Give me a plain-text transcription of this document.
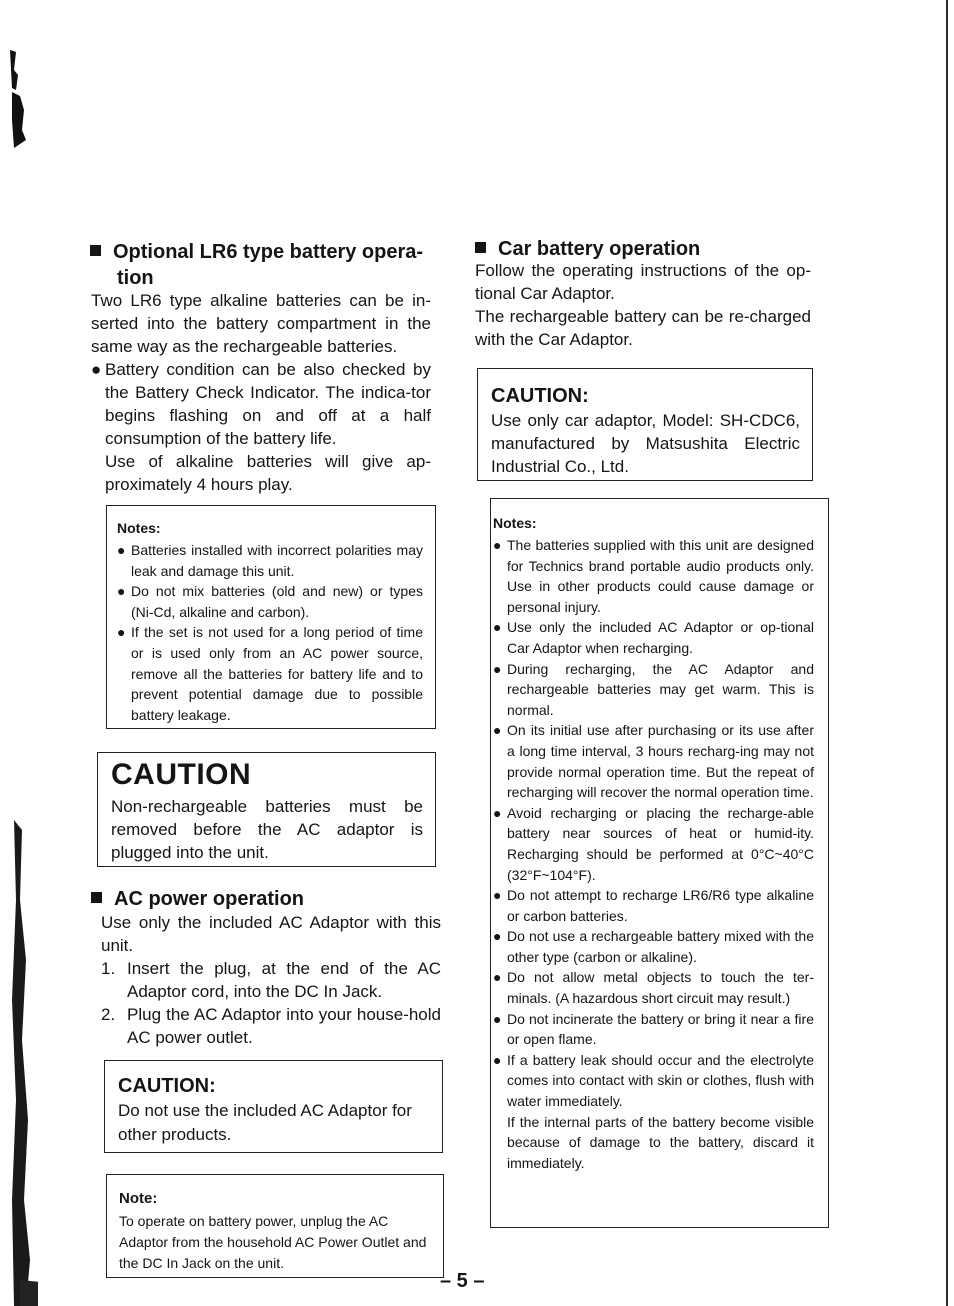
Optional LR6 type battery opera-
tion

Two LR6 type alkaline batteries can be in-serted into the battery compartment in the same way as the rechargeable batteries.

● Battery condition can be also checked by the Battery Check Indicator. The indica-tor begins flashing on and off at a half consumption of the battery life.

Use of alkaline batteries will give ap-proximately 4 hours play.

Notes:

● Batteries installed with incorrect polarities may leak and damage this unit.

● Do not mix batteries (old and new) or types (Ni-Cd, alkaline and carbon).

● If the set is not used for a long period of time or is used only from an AC power source, remove all the batteries for battery life and to prevent potential damage due to possible battery leakage.

CAUTION

Non-rechargeable batteries must be removed before the AC adaptor is plugged into the unit.

AC power operation

Use only the included AC Adaptor with this unit.

1. Insert the plug, at the end of the AC Adaptor cord, into the DC In Jack.

2. Plug the AC Adaptor into your house-hold AC power outlet.

CAUTION:

Do not use the included AC Adaptor for other products.

Note:

To operate on battery power, unplug the AC Adaptor from the household AC Power Outlet and the DC In Jack on the unit.

Car battery operation

Follow the operating instructions of the op-tional Car Adaptor.

The rechargeable battery can be re-charged with the Car Adaptor.

CAUTION:

Use only car adaptor, Model: SH-CDC6, manufactured by Matsushita Electric Industrial Co., Ltd.

Notes:

● The batteries supplied with this unit are designed for Technics brand portable audio products only. Use in other products could cause damage or personal injury.

● Use only the included AC Adaptor or op-tional Car Adaptor when recharging.

● During recharging, the AC Adaptor and rechargeable batteries may get warm. This is normal.

● On its initial use after purchasing or its use after a long time interval, 3 hours recharg-ing may not provide normal operation time. But the repeat of recharging will recover the normal operation time.

● Avoid recharging or placing the recharge-able battery near sources of heat or humid-ity. Recharging should be performed at 0°C~40°C (32°F~104°F).

● Do not attempt to recharge LR6/R6 type alkaline or carbon batteries.

● Do not use a rechargeable battery mixed with the other type (carbon or alkaline).

● Do not allow metal objects to touch the ter-minals. (A hazardous short circuit may result.)

● Do not incinerate the battery or bring it near a fire or open flame.

● If a battery leak should occur and the electrolyte comes into contact with skin or clothes, flush with water immediately.

If the internal parts of the battery become visible because of damage to the battery, discard it immediately.

– 5 –
